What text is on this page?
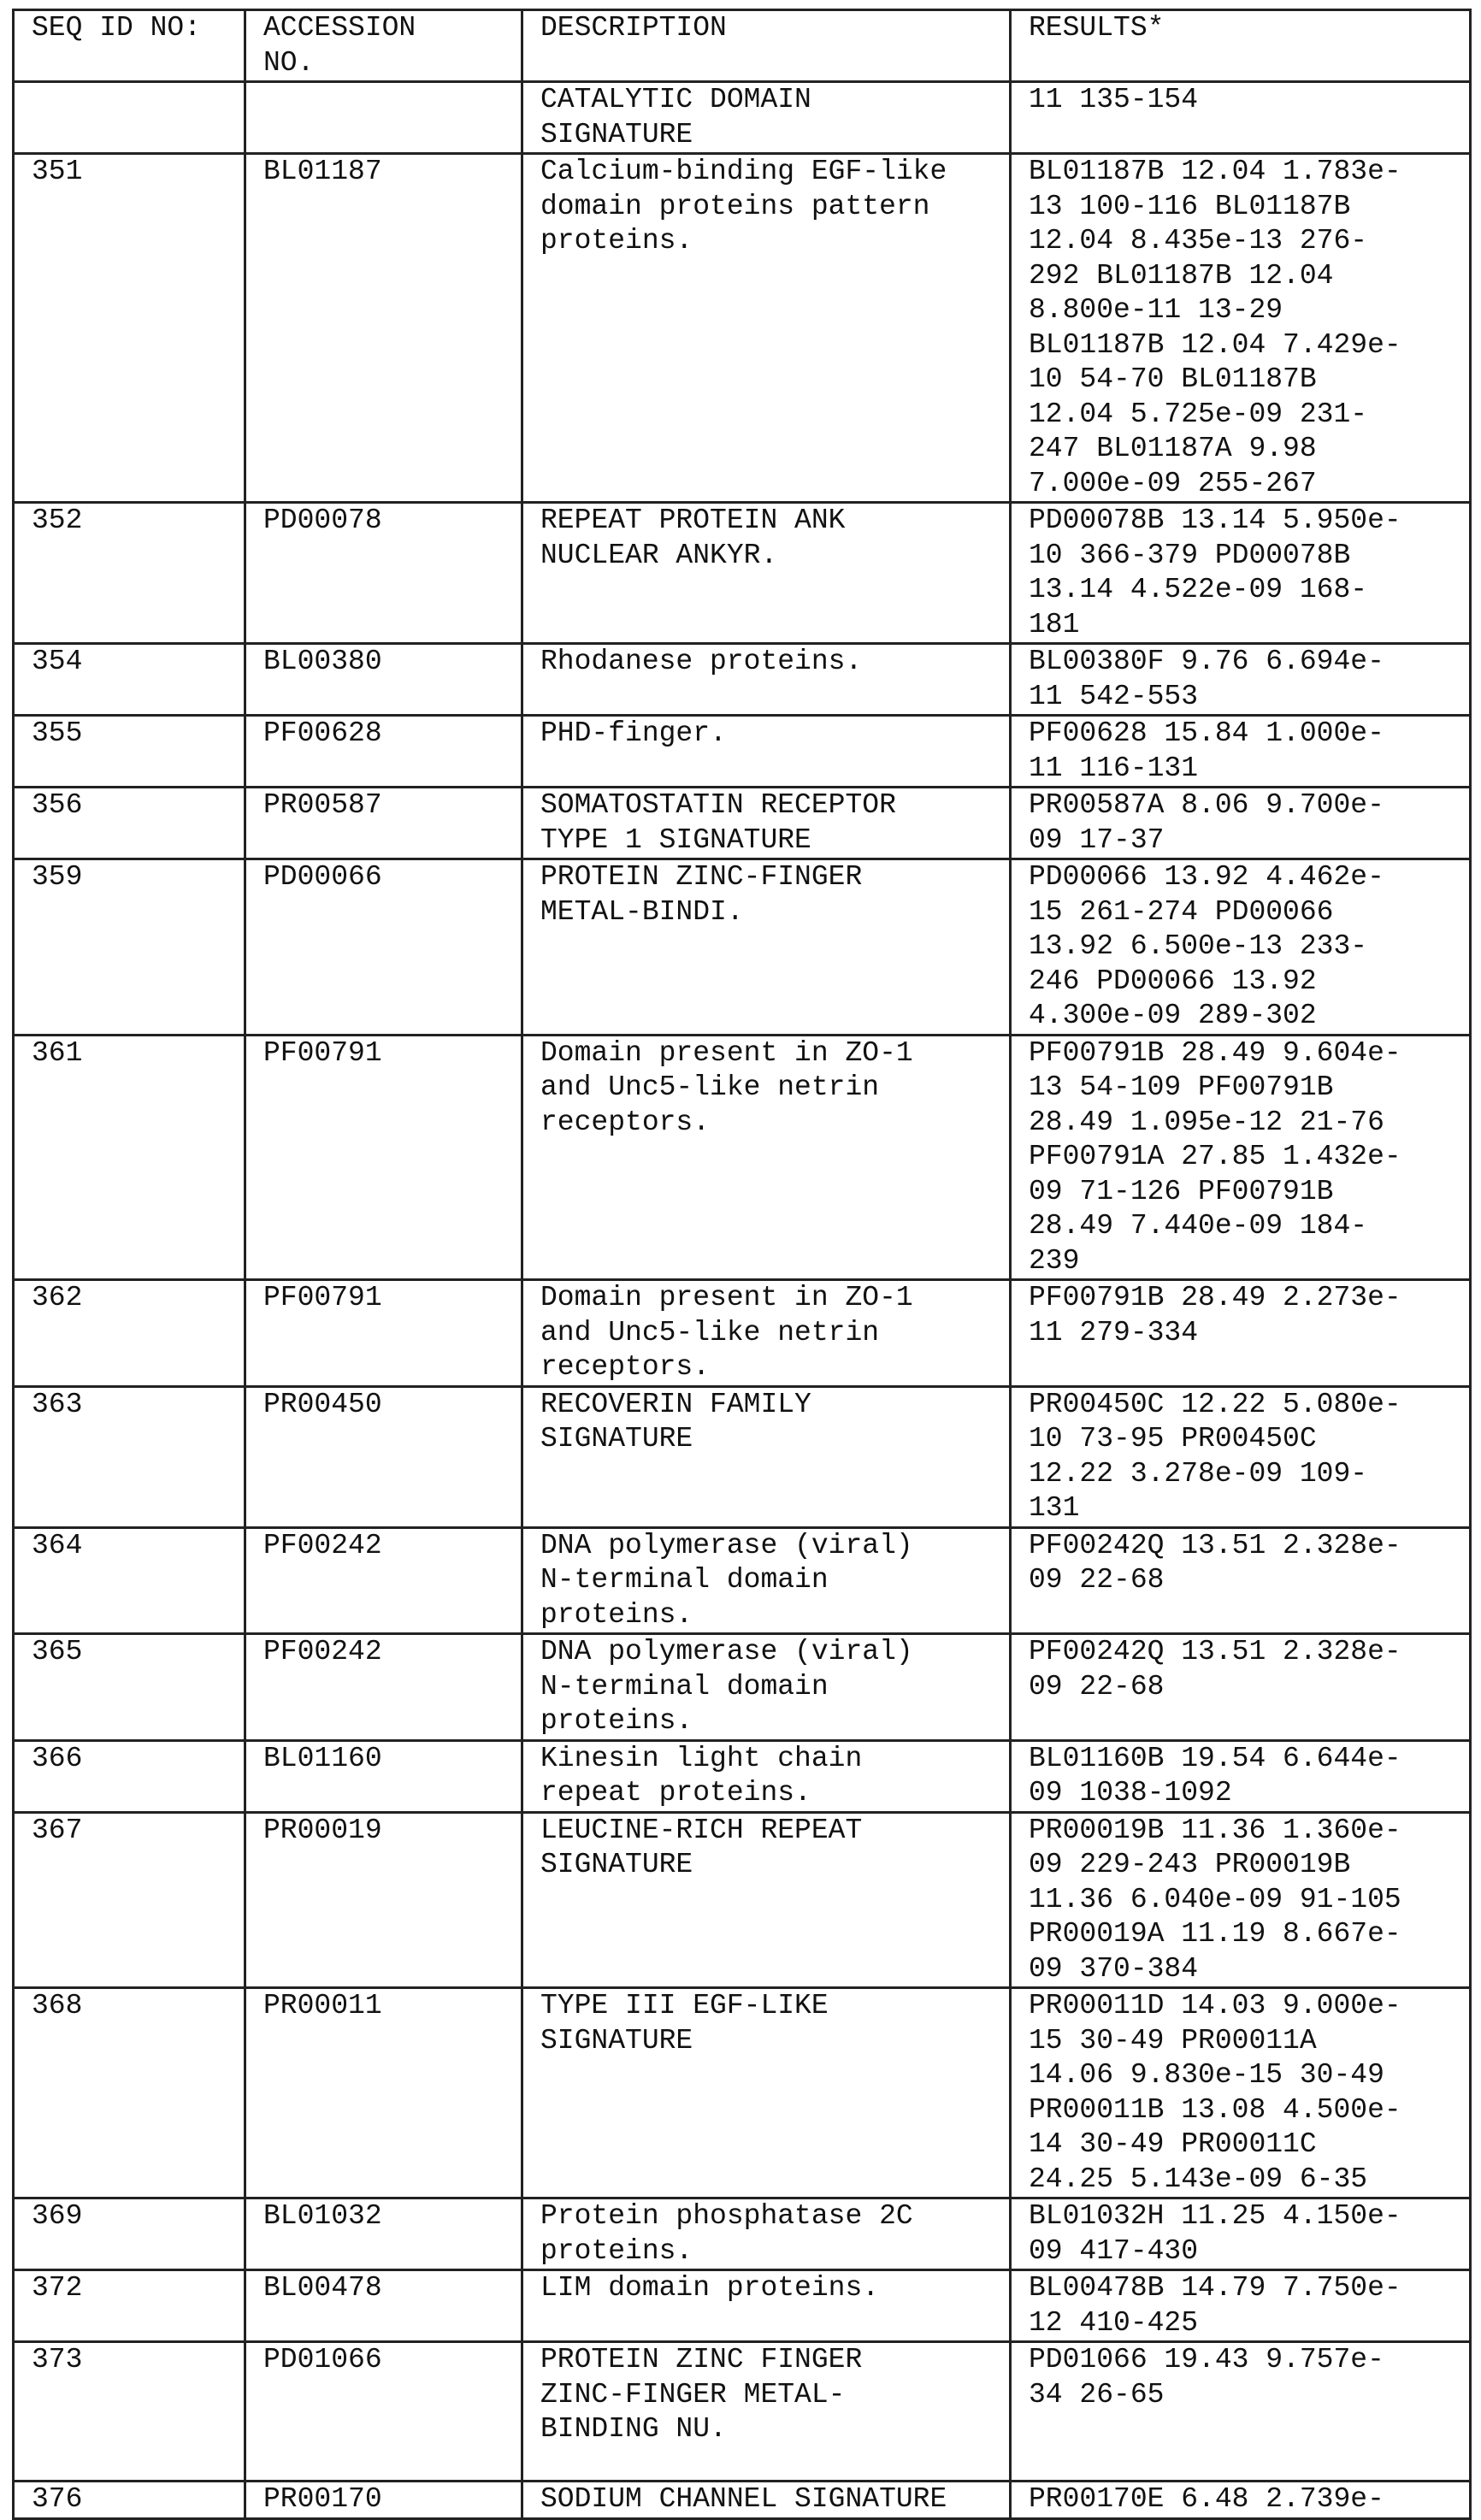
SEQ ID NO:	ACCESSION
NO.	DESCRIPTION	RESULTS*
		CATALYTIC DOMAIN
SIGNATURE	11 135-154
351	BL01187	Calcium-binding EGF-like
domain proteins pattern
proteins.	BL01187B 12.04 1.783e-
13 100-116 BL01187B
12.04 8.435e-13 276-
292 BL01187B 12.04
8.800e-11 13-29
BL01187B 12.04 7.429e-
10 54-70 BL01187B
12.04 5.725e-09 231-
247 BL01187A 9.98
7.000e-09 255-267
352	PD00078	REPEAT PROTEIN ANK
NUCLEAR ANKYR.	PD00078B 13.14 5.950e-
10 366-379 PD00078B
13.14 4.522e-09 168-
181
354	BL00380	Rhodanese proteins.	BL00380F 9.76 6.694e-
11 542-553
355	PF00628	PHD-finger.	PF00628 15.84 1.000e-
11 116-131
356	PR00587	SOMATOSTATIN RECEPTOR
TYPE 1 SIGNATURE	PR00587A 8.06 9.700e-
09 17-37
359	PD00066	PROTEIN ZINC-FINGER
METAL-BINDI.	PD00066 13.92 4.462e-
15 261-274 PD00066
13.92 6.500e-13 233-
246 PD00066 13.92
4.300e-09 289-302
361	PF00791	Domain present in ZO-1
and Unc5-like netrin
receptors.	PF00791B 28.49 9.604e-
13 54-109 PF00791B
28.49 1.095e-12 21-76
PF00791A 27.85 1.432e-
09 71-126 PF00791B
28.49 7.440e-09 184-
239
362	PF00791	Domain present in ZO-1
and Unc5-like netrin
receptors.	PF00791B 28.49 2.273e-
11 279-334
363	PR00450	RECOVERIN FAMILY
SIGNATURE	PR00450C 12.22 5.080e-
10 73-95 PR00450C
12.22 3.278e-09 109-
131
364	PF00242	DNA polymerase (viral)
N-terminal domain
proteins.	PF00242Q 13.51 2.328e-
09 22-68
365	PF00242	DNA polymerase (viral)
N-terminal domain
proteins.	PF00242Q 13.51 2.328e-
09 22-68
366	BL01160	Kinesin light chain
repeat proteins.	BL01160B 19.54 6.644e-
09 1038-1092
367	PR00019	LEUCINE-RICH REPEAT
SIGNATURE	PR00019B 11.36 1.360e-
09 229-243 PR00019B
11.36 6.040e-09 91-105
PR00019A 11.19 8.667e-
09 370-384
368	PR00011	TYPE III EGF-LIKE
SIGNATURE	PR00011D 14.03 9.000e-
15 30-49 PR00011A
14.06 9.830e-15 30-49
PR00011B 13.08 4.500e-
14 30-49 PR00011C
24.25 5.143e-09 6-35
369	BL01032	Protein phosphatase 2C
proteins.	BL01032H 11.25 4.150e-
09 417-430
372	BL00478	LIM domain proteins.	BL00478B 14.79 7.750e-
12 410-425
373	PD01066	PROTEIN ZINC FINGER
ZINC-FINGER METAL-
BINDING NU.	PD01066 19.43 9.757e-
34 26-65
376	PR00170	SODIUM CHANNEL SIGNATURE	PR00170E 6.48 2.739e-
